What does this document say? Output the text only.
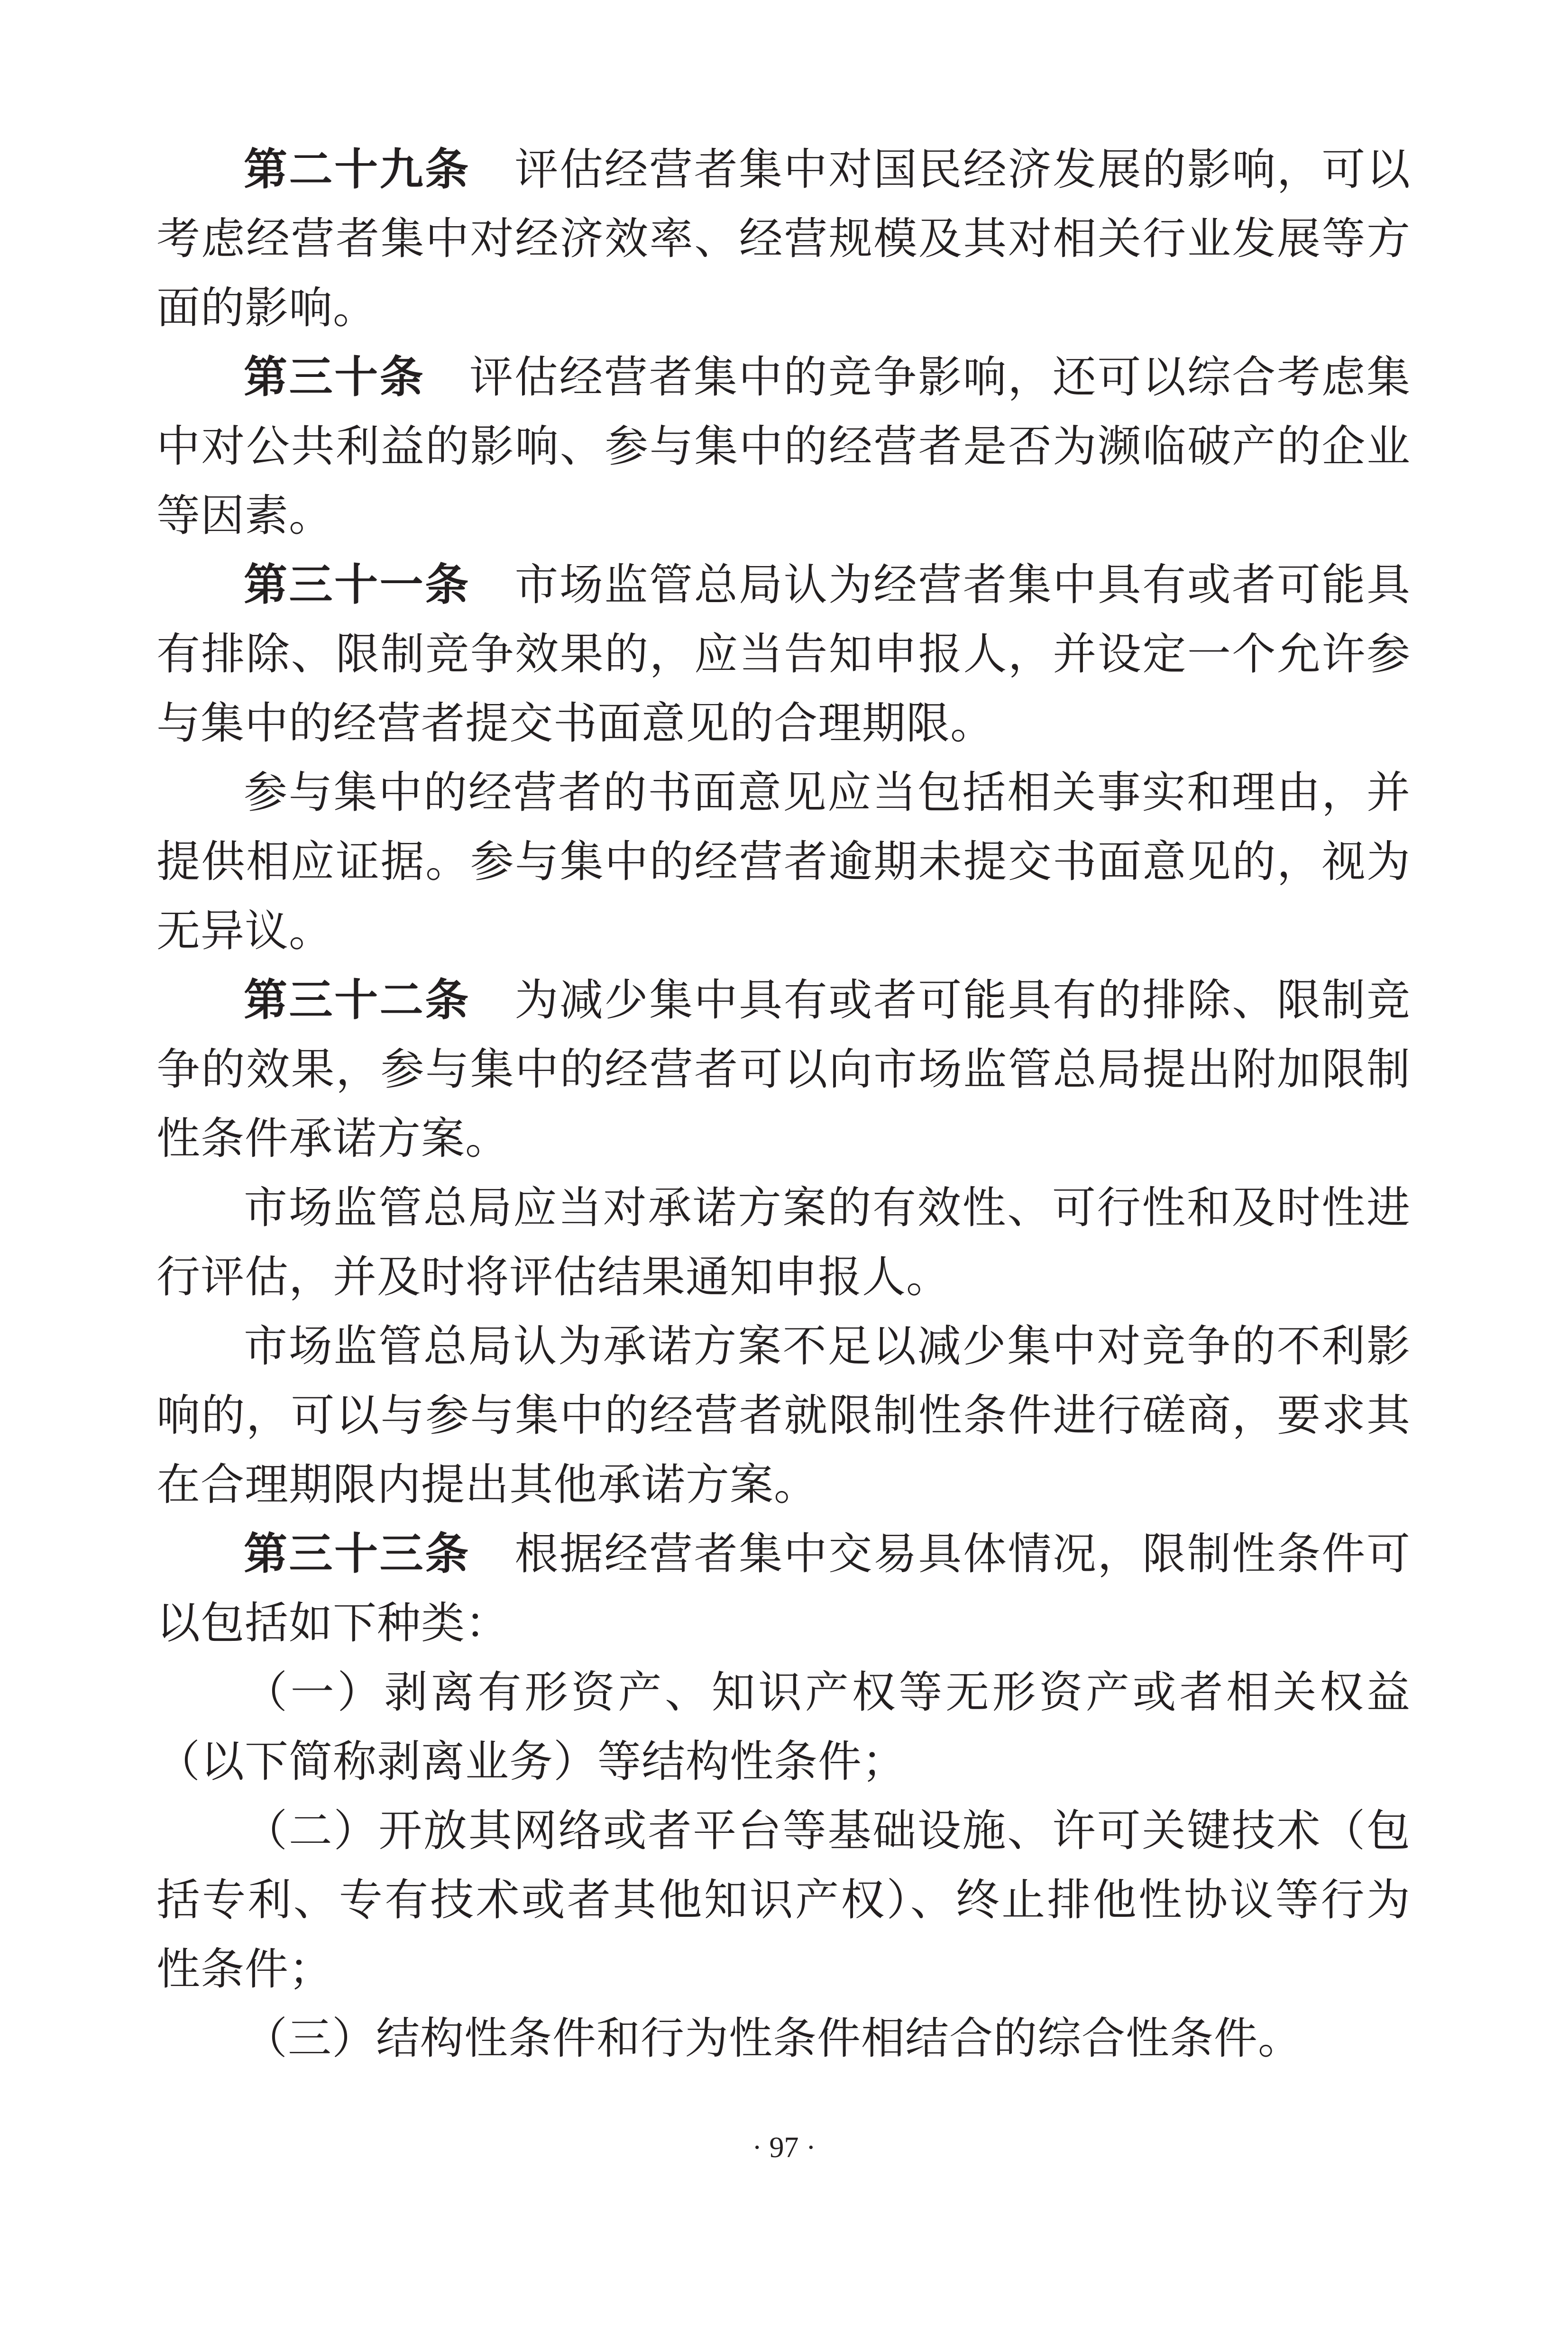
第二十九条 评估经营者集中对国民经济发展的影响，可以考虑经营者集中对经济效率、经营规模及其对相关行业发展等方面的影响。

第三十条 评估经营者集中的竞争影响，还可以综合考虑集中对公共利益的影响、参与集中的经营者是否为濒临破产的企业等因素。

第三十一条 市场监管总局认为经营者集中具有或者可能具有排除、限制竞争效果的，应当告知申报人，并设定一个允许参与集中的经营者提交书面意见的合理期限。

参与集中的经营者的书面意见应当包括相关事实和理由，并提供相应证据。参与集中的经营者逾期未提交书面意见的，视为无异议。

第三十二条 为减少集中具有或者可能具有的排除、限制竞争的效果，参与集中的经营者可以向市场监管总局提出附加限制性条件承诺方案。

市场监管总局应当对承诺方案的有效性、可行性和及时性进行评估，并及时将评估结果通知申报人。

市场监管总局认为承诺方案不足以减少集中对竞争的不利影响的，可以与参与集中的经营者就限制性条件进行磋商，要求其在合理期限内提出其他承诺方案。

第三十三条 根据经营者集中交易具体情况，限制性条件可以包括如下种类：

（一）剥离有形资产、知识产权等无形资产或者相关权益（以下简称剥离业务）等结构性条件；

（二）开放其网络或者平台等基础设施、许可关键技术（包括专利、专有技术或者其他知识产权）、终止排他性协议等行为性条件；

（三）结构性条件和行为性条件相结合的综合性条件。

· 97 ·
